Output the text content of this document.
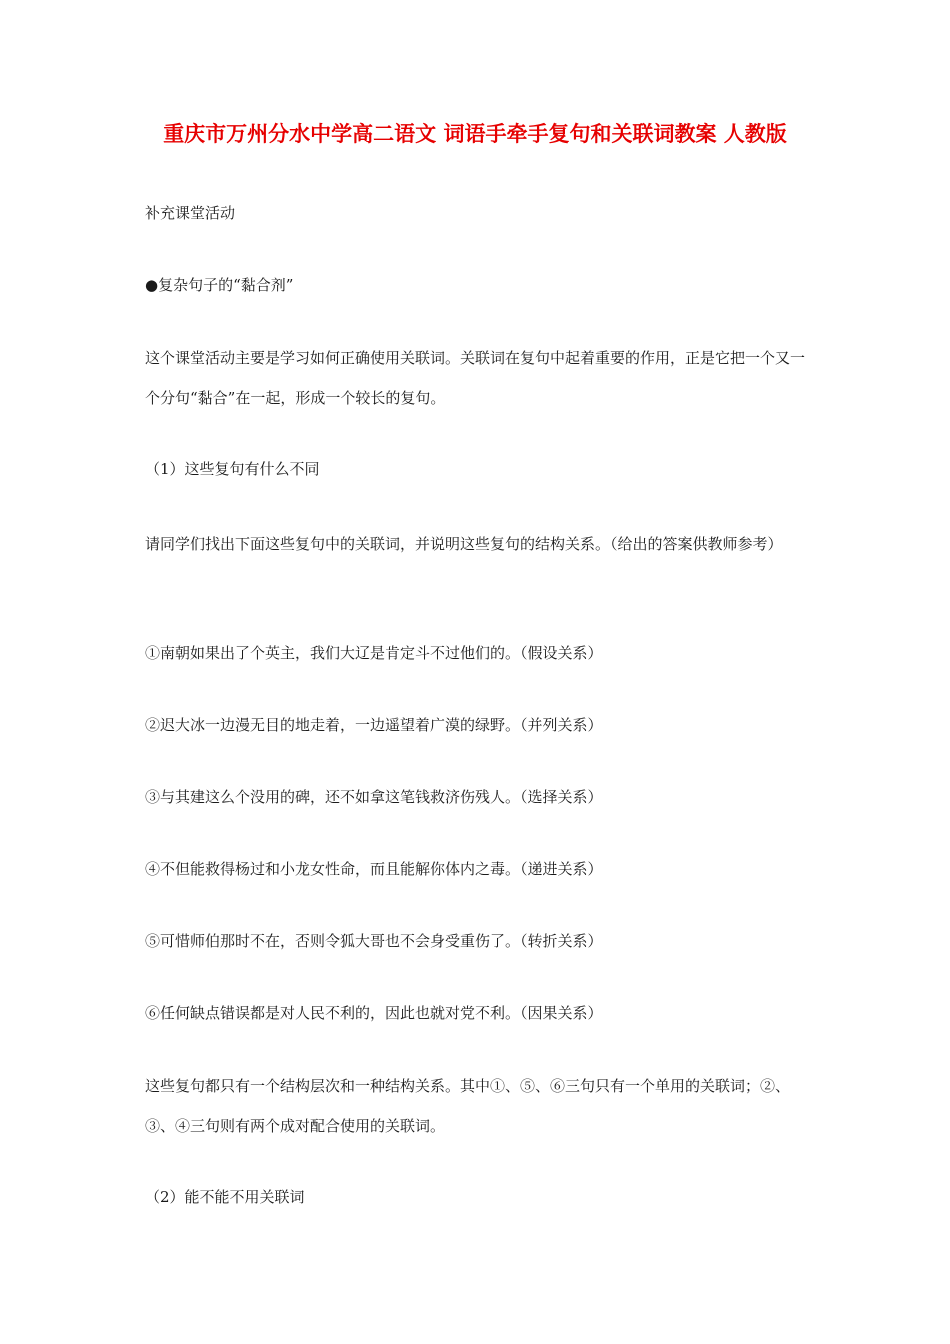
重庆市万州分水中学高二语文 词语手牵手复句和关联词教案 人教版

补充课堂活动

●复杂句子的“黏合剂”

这个课堂活动主要是学习如何正确使用关联词。关联词在复句中起着重要的作用，正是它把一个又一个分句“黏合”在一起，形成一个较长的复句。

（1）这些复句有什么不同

请同学们找出下面这些复句中的关联词，并说明这些复句的结构关系。（给出的答案供教师参考）

①南朝如果出了个英主，我们大辽是肯定斗不过他们的。（假设关系）

②迟大冰一边漫无目的地走着，一边遥望着广漠的绿野。（并列关系）

③与其建这么个没用的碑，还不如拿这笔钱救济伤残人。（选择关系）

④不但能救得杨过和小龙女性命，而且能解你体内之毒。（递进关系）

⑤可惜师伯那时不在，否则令狐大哥也不会身受重伤了。（转折关系）

⑥任何缺点错误都是对人民不利的，因此也就对党不利。（因果关系）

这些复句都只有一个结构层次和一种结构关系。其中①、⑤、⑥三句只有一个单用的关联词；②、③、④三句则有两个成对配合使用的关联词。

（2）能不能不用关联词
